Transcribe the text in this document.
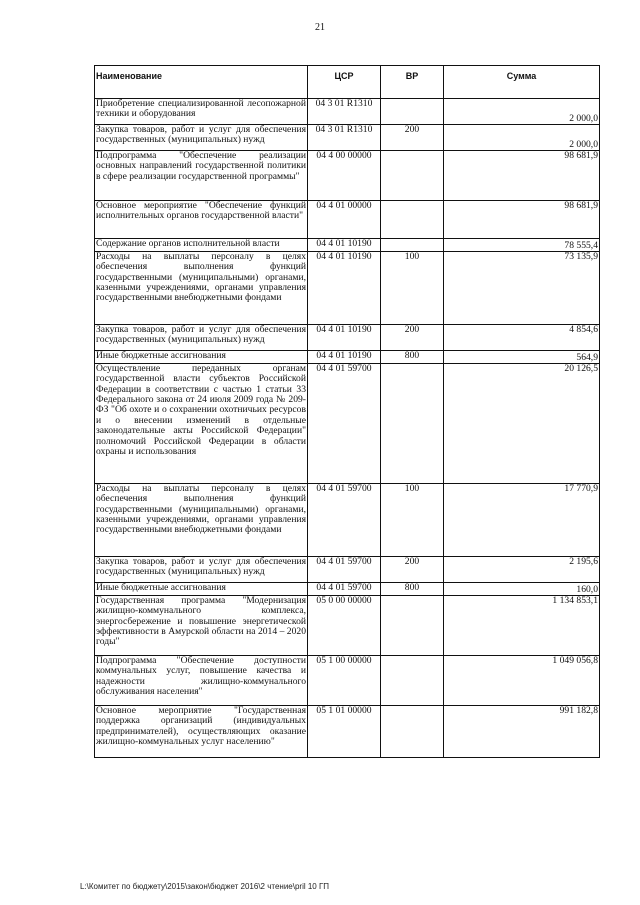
21
Наименование	ЦСР	ВР	Сумма
Приобретение специализированной лесопожарной техники и оборудования	04 3 01 R1310		2 000,0
Закупка товаров, работ и услуг для обеспечения государственных (муниципальных) нужд	04 3 01 R1310	200	2 000,0
Подпрограмма "Обеспечение реализации основных направлений государственной политики в сфере реализации государственной программы"	04 4 00 00000		98 681,9
Основное мероприятие "Обеспечение функций исполнительных органов государственной власти"	04 4 01 00000		98 681,9
Содержание органов исполнительной власти	04 4 01 10190		78 555,4
Расходы на выплаты персоналу в целях обеспечения выполнения функций государственными (муниципальными) органами, казенными учреждениями, органами управления государственными внебюджетными фондами	04 4 01 10190	100	73 135,9
Закупка товаров, работ и услуг для обеспечения государственных (муниципальных) нужд	04 4 01 10190	200	4 854,6
Иные бюджетные ассигнования	04 4 01 10190	800	564,9
Осуществление переданных органам государственной власти субъектов Российской Федерации в соответствии с частью 1 статьи 33 Федерального закона от 24 июля 2009 года № 209-ФЗ "Об охоте и о сохранении охотничьих ресурсов и о внесении изменений в отдельные законодательные акты Российской Федерации" полномочий Российской Федерации в области охраны и использования	04 4 01 59700		20 126,5
Расходы на выплаты персоналу в целях обеспечения выполнения функций государственными (муниципальными) органами, казенными учреждениями, органами управления государственными внебюджетными фондами	04 4 01 59700	100	17 770,9
Закупка товаров, работ и услуг для обеспечения государственных (муниципальных) нужд	04 4 01 59700	200	2 195,6
Иные бюджетные ассигнования	04 4 01 59700	800	160,0
Государственная программа "Модернизация жилищно-коммунального комплекса, энергосбережение и повышение энергетической эффективности в Амурской области на 2014 – 2020 годы"	05 0 00 00000		1 134 853,1
Подпрограмма "Обеспечение доступности коммунальных услуг, повышение качества и надежности жилищно-коммунального обслуживания населения"	05 1 00 00000		1 049 056,8
Основное мероприятие "Государственная поддержка организаций (индивидуальных предпринимателей), осуществляющих оказание жилищно-коммунальных услуг населению"	05 1 01 00000		991 182,8
L:\Комитет по бюджету\2015\закон\бюджет 2016\2 чтение\pril 10 ГП
